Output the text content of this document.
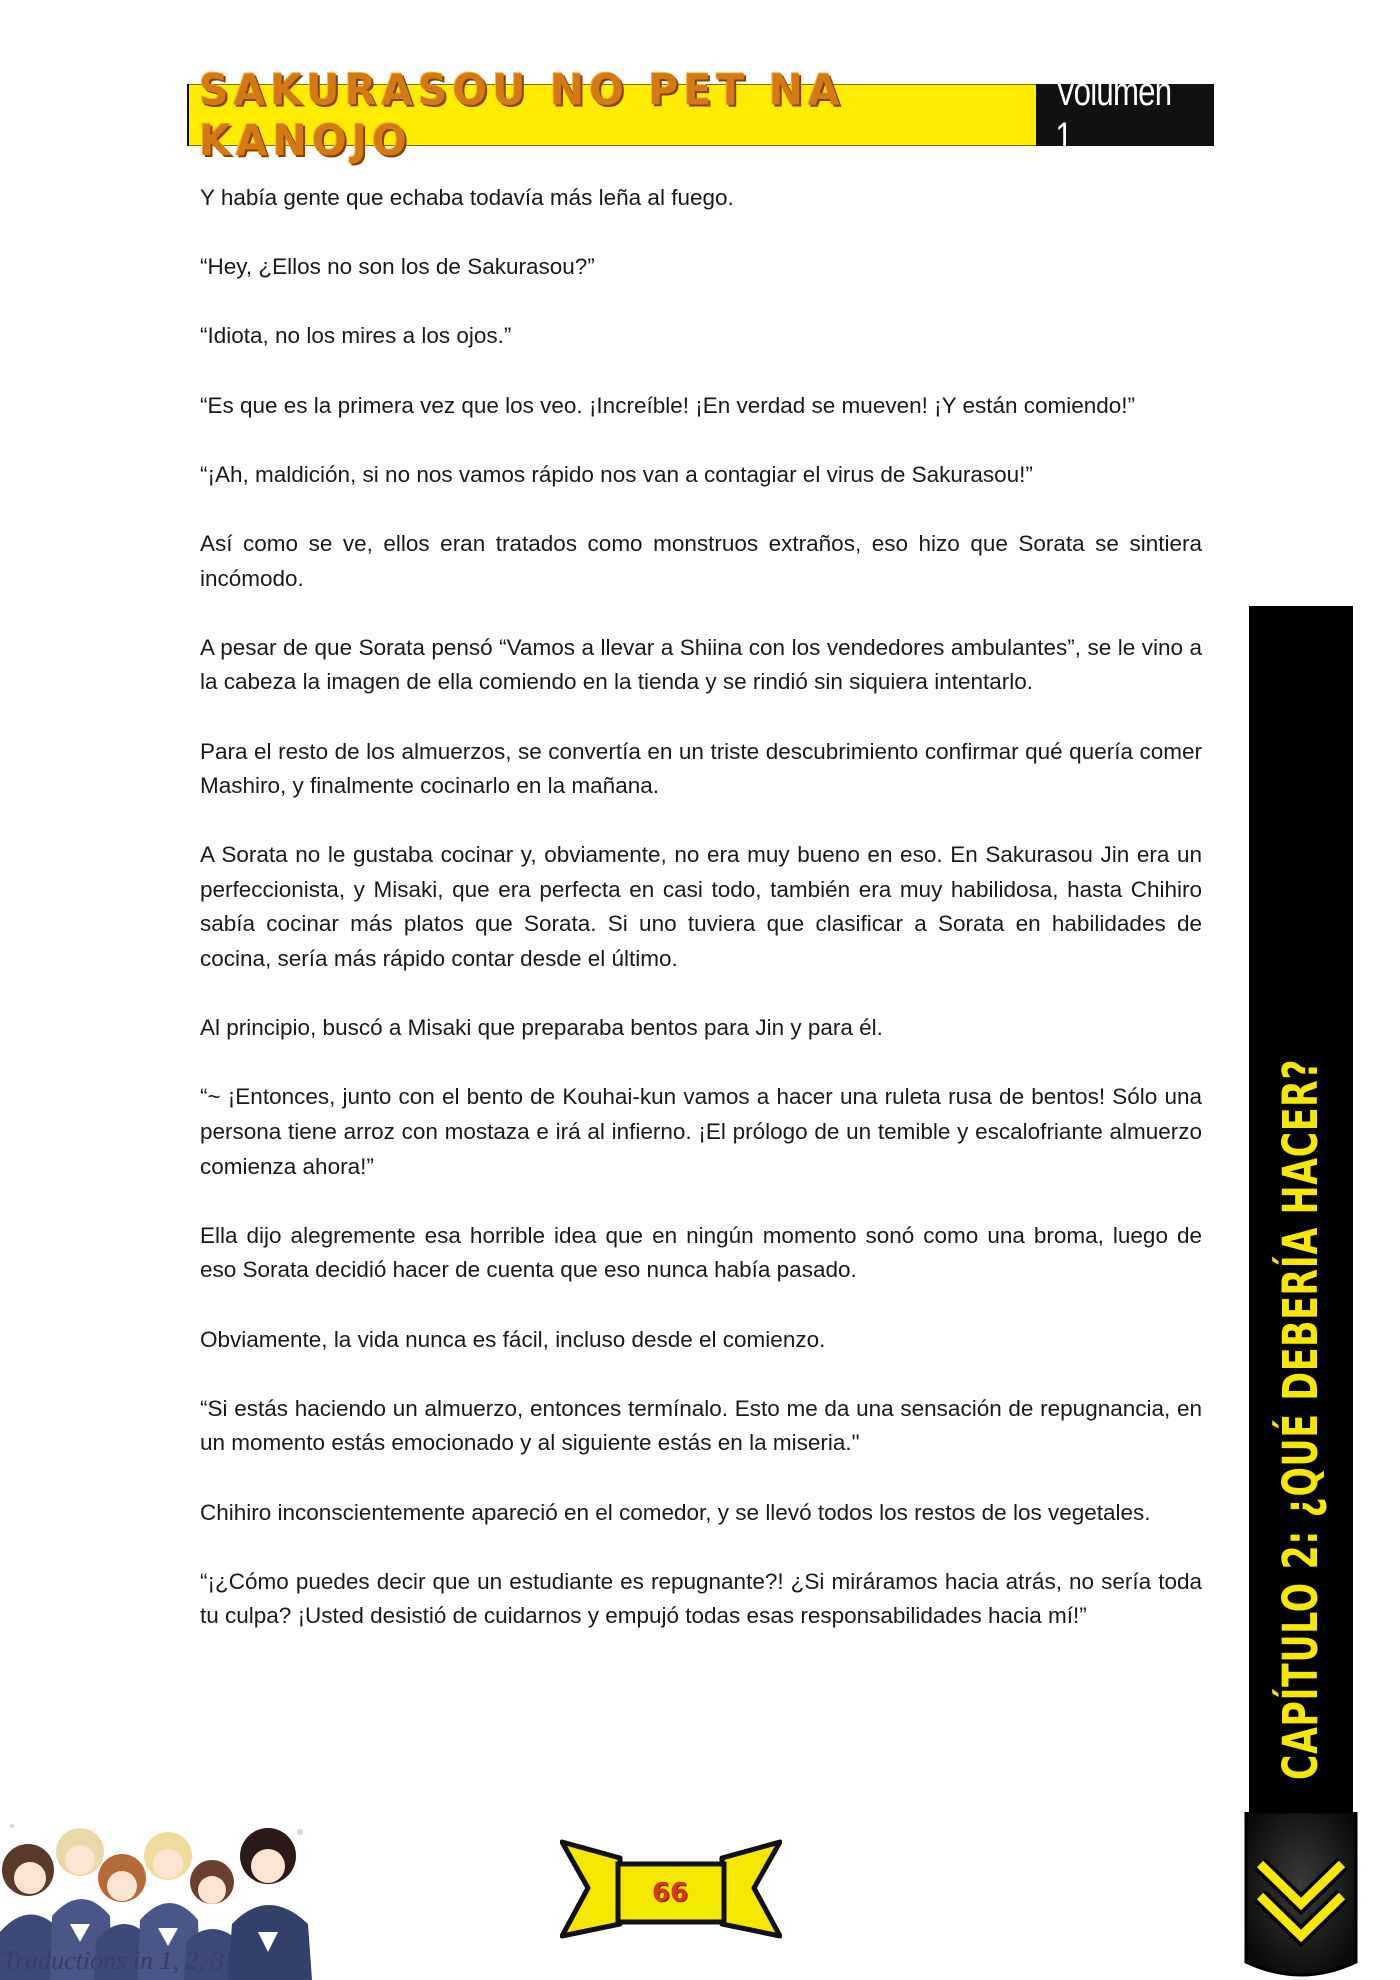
SAKURASOU NO PET NA KANOJO
Volumen 1

Y había gente que echaba todavía más leña al fuego.

“Hey, ¿Ellos no son los de Sakurasou?”

“Idiota, no los mires a los ojos.”

“Es que es la primera vez que los veo. ¡Increíble! ¡En verdad se mueven! ¡Y están comiendo!”

“¡Ah, maldición, si no nos vamos rápido nos van a contagiar el virus de Sakurasou!”

Así como se ve, ellos eran tratados como monstruos extraños, eso hizo que Sorata se sintiera incómodo.

A pesar de que Sorata pensó “Vamos a llevar a Shiina con los vendedores ambulantes”, se le vino a la cabeza la imagen de ella comiendo en la tienda y se rindió sin siquiera intentarlo.

Para el resto de los almuerzos, se convertía en un triste descubrimiento confirmar qué quería comer Mashiro, y finalmente cocinarlo en la mañana.

A Sorata no le gustaba cocinar y, obviamente, no era muy bueno en eso. En Sakurasou Jin era un perfeccionista, y Misaki, que era perfecta en casi todo, también era muy habilidosa, hasta Chihiro sabía cocinar más platos que Sorata. Si uno tuviera que clasificar a Sorata en habilidades de cocina, sería más rápido contar desde el último.

Al principio, buscó a Misaki que preparaba bentos para Jin y para él.

“~ ¡Entonces, junto con el bento de Kouhai-kun vamos a hacer una ruleta rusa de bentos! Sólo una persona tiene arroz con mostaza e irá al infierno. ¡El prólogo de un temible y escalofriante almuerzo comienza ahora!”

Ella dijo alegremente esa horrible idea que en ningún momento sonó como una broma, luego de eso Sorata decidió hacer de cuenta que eso nunca había pasado.

Obviamente, la vida nunca es fácil, incluso desde el comienzo.

“Si estás haciendo un almuerzo, entonces termínalo. Esto me da una sensación de repugnancia, en un momento estás emocionado y al siguiente estás en la miseria."

Chihiro inconscientemente apareció en el comedor, y se llevó todos los restos de los vegetales.

“¡¿Cómo puedes decir que un estudiante es repugnante?! ¿Si miráramos hacia atrás, no sería toda tu culpa? ¡Usted desistió de cuidarnos y empujó todas esas responsabilidades hacia mí!”	CAPÍTULO 2: ¿QUÉ DEBERÍA HACER?
66
Traductions in 1, 2, 3!
